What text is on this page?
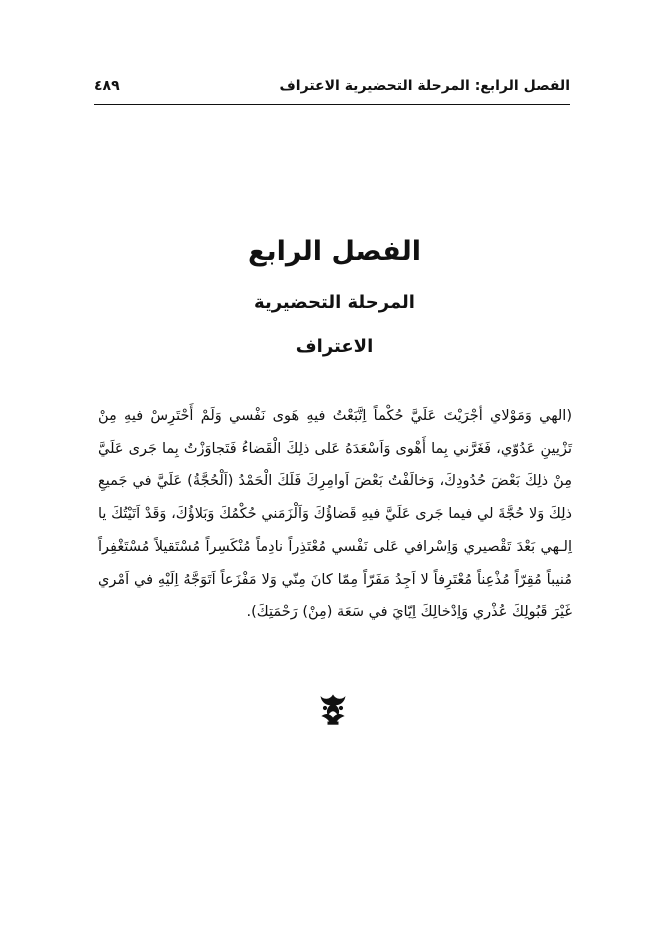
الفصل الرابع: المرحلة التحضيرية الاعتراف
٤٨٩
الفصل الرابع
المرحلة التحضيرية
الاعتراف
(الهي وَمَوْلاي أجْرَيْتَ عَلَيَّ حُكْماً اِتَّبَعْتُ فيهِ هَوى نَفْسي وَلَمْ أَحْتَرِسْ فيهِ مِنْ تَزْيينِ عَدُوّي، فَغَرَّني بِما أَهْوى وَاَسْعَدَهُ عَلى ذلِكَ الْقَضاءُ فَتَجاوَزْتُ بِما جَرى عَلَيَّ مِنْ ذلِكَ بَعْضَ حُدُودِكَ، وَخالَفْتُ بَعْضَ اَوامِرِكَ فَلَكَ الْحَمْدُ (اَلْحُجَّةُ) عَلَيَّ في جَميعِ ذلِكَ وَلا حُجَّةَ لي فيما جَرى عَلَيَّ فيهِ قَضاؤُكَ وَاَلْزَمَني حُكْمُكَ وَبَلاؤُكَ، وَقَدْ اَتَيْتُكَ يا اِلـهي بَعْدَ تَقْصيري وَاِسْرافي عَلى نَفْسي مُعْتَذِراً نادِماً مُنْكَسِراً مُسْتَقيلاً مُسْتَغْفِراً مُنيباً مُقِرّاً مُذْعِناً مُعْتَرِفاً لا اَجِدُ مَفَرّاً مِمّا كانَ مِنّي وَلا مَفْزَعاً اَتَوَجَّهُ اِلَيْهِ في اَمْري غَيْرَ قَبُولِكَ عُذْري وَاِدْخالِكَ اِيّايَ في سَعَة (مِنْ) رَحْمَتِكَ).
